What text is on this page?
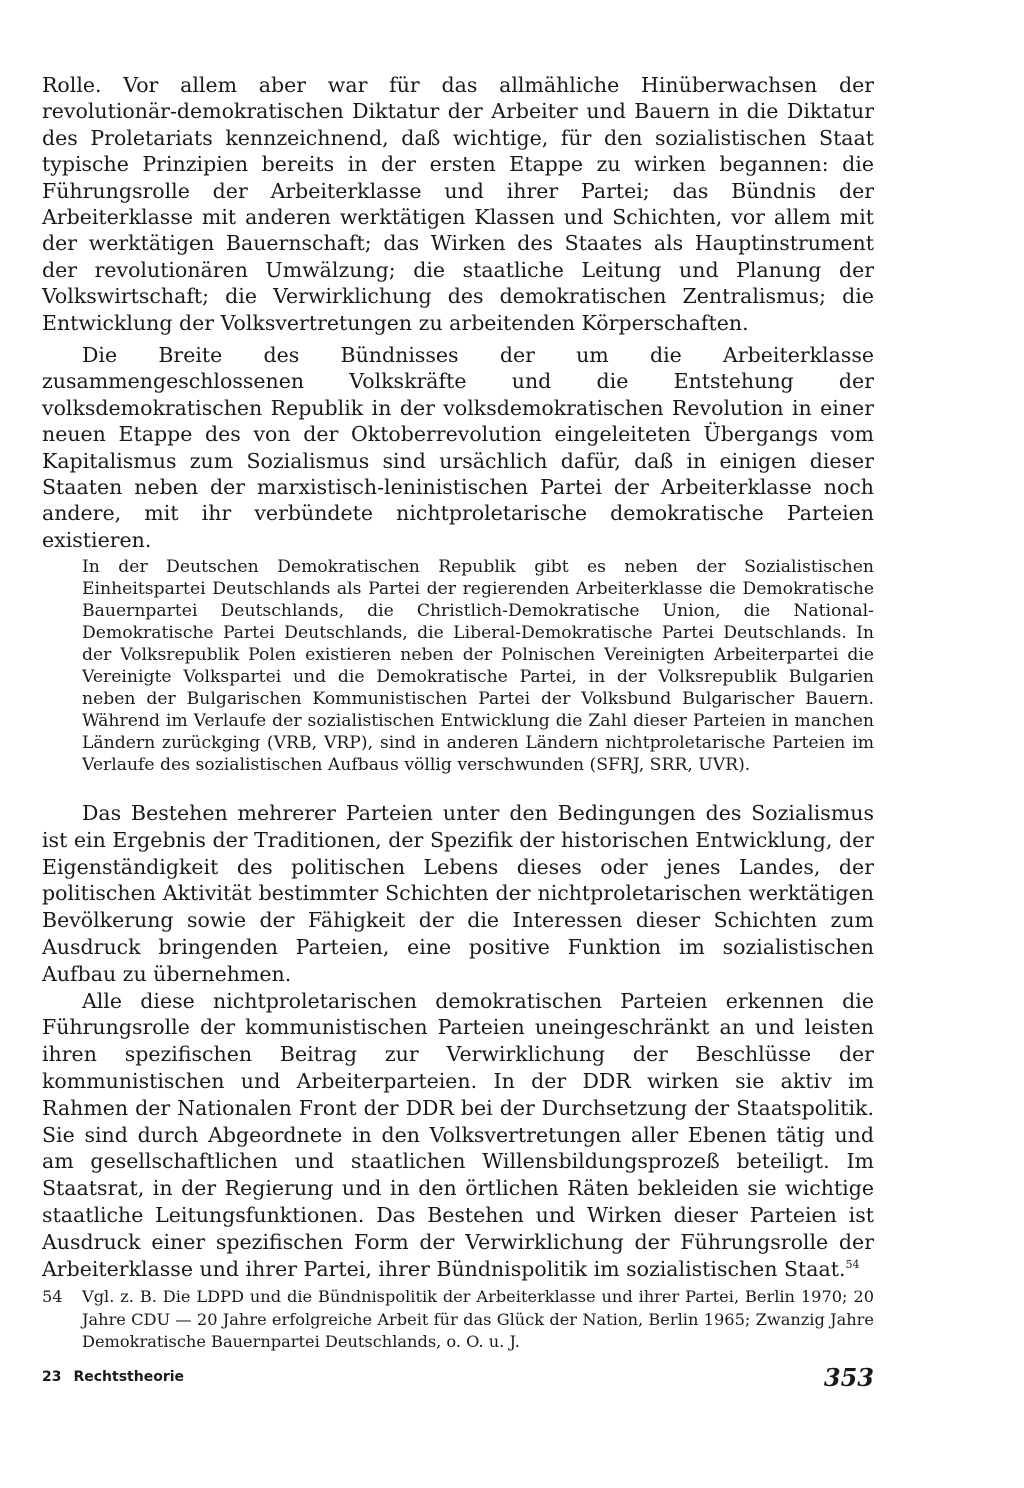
Rolle. Vor allem aber war für das allmähliche Hinüberwachsen der revolutionär-demokratischen Diktatur der Arbeiter und Bauern in die Diktatur des Proletariats kennzeichnend, daß wichtige, für den sozialistischen Staat typische Prinzipien bereits in der ersten Etappe zu wirken begannen: die Führungsrolle der Arbeiterklasse und ihrer Partei; das Bündnis der Arbeiterklasse mit anderen werktätigen Klassen und Schichten, vor allem mit der werktätigen Bauernschaft; das Wirken des Staates als Hauptinstrument der revolutionären Umwälzung; die staatliche Leitung und Planung der Volkswirtschaft; die Verwirklichung des demokratischen Zentralismus; die Entwicklung der Volksvertretungen zu arbeitenden Körperschaften.

Die Breite des Bündnisses der um die Arbeiterklasse zusammengeschlossenen Volkskräfte und die Entstehung der volksdemokratischen Republik in der volksdemokratischen Revolution in einer neuen Etappe des von der Oktoberrevolution eingeleiteten Übergangs vom Kapitalismus zum Sozialismus sind ursächlich dafür, daß in einigen dieser Staaten neben der marxistisch-leninistischen Partei der Arbeiterklasse noch andere, mit ihr verbündete nichtproletarische demokratische Parteien existieren.

In der Deutschen Demokratischen Republik gibt es neben der Sozialistischen Einheitspartei Deutschlands als Partei der regierenden Arbeiterklasse die Demokratische Bauernpartei Deutschlands, die Christlich-Demokratische Union, die National-Demokratische Partei Deutschlands, die Liberal-Demokratische Partei Deutschlands. In der Volksrepublik Polen existieren neben der Polnischen Vereinigten Arbeiterpartei die Vereinigte Volkspartei und die Demokratische Partei, in der Volksrepublik Bulgarien neben der Bulgarischen Kommunistischen Partei der Volksbund Bulgarischer Bauern. Während im Verlaufe der sozialistischen Entwicklung die Zahl dieser Parteien in manchen Ländern zurückging (VRB, VRP), sind in anderen Ländern nichtproletarische Parteien im Verlaufe des sozialistischen Aufbaus völlig verschwunden (SFRJ, SRR, UVR).

Das Bestehen mehrerer Parteien unter den Bedingungen des Sozialismus ist ein Ergebnis der Traditionen, der Spezifik der historischen Entwicklung, der Eigenständigkeit des politischen Lebens dieses oder jenes Landes, der politischen Aktivität bestimmter Schichten der nichtproletarischen werktätigen Bevölkerung sowie der Fähigkeit der die Interessen dieser Schichten zum Ausdruck bringenden Parteien, eine positive Funktion im sozialistischen Aufbau zu übernehmen.

Alle diese nichtproletarischen demokratischen Parteien erkennen die Führungsrolle der kommunistischen Parteien uneingeschränkt an und leisten ihren spezifischen Beitrag zur Verwirklichung der Beschlüsse der kommunistischen und Arbeiterparteien. In der DDR wirken sie aktiv im Rahmen der Nationalen Front der DDR bei der Durchsetzung der Staatspolitik. Sie sind durch Abgeordnete in den Volksvertretungen aller Ebenen tätig und am gesellschaftlichen und staatlichen Willensbildungsprozeß beteiligt. Im Staatsrat, in der Regierung und in den örtlichen Räten bekleiden sie wichtige staatliche Leitungsfunktionen. Das Bestehen und Wirken dieser Parteien ist Ausdruck einer spezifischen Form der Verwirklichung der Führungsrolle der Arbeiterklasse und ihrer Partei, ihrer Bündnispolitik im sozialistischen Staat.$^{54}$

54	Vgl. z. B. Die LDPD und die Bündnispolitik der Arbeiterklasse und ihrer Partei, Berlin 1970; 20 Jahre CDU — 20 Jahre erfolgreiche Arbeit für das Glück der Nation, Berlin 1965; Zwanzig Jahre Demokratische Bauernpartei Deutschlands, o. O. u. J.
23 Rechtstheorie	353
